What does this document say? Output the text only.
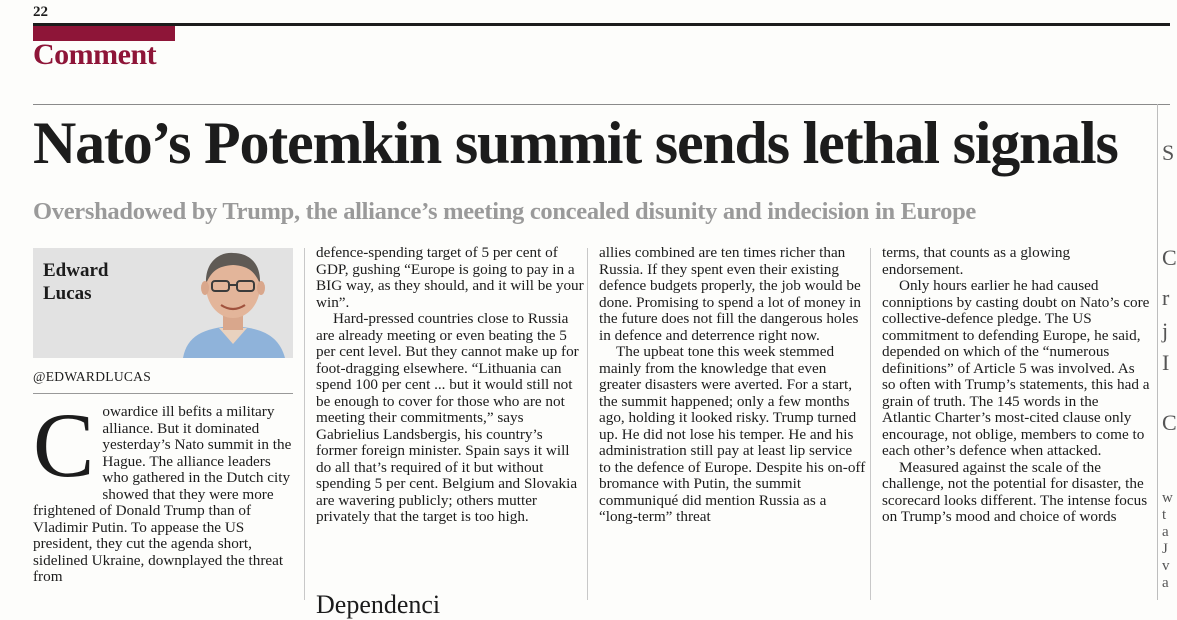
22
Comment
Nato’s Potemkin summit sends lethal signals

Overshadowed by Trump, the alliance’s meeting concealed disunity and indecision in Europe

Edward
Lucas
@EDWARDLUCAS
C owardice ill befits a military alliance. But it dominated yesterday’s Nato summit in the Hague. The alliance leaders who gathered in the Dutch city showed that they were more frightened of Donald Trump than of Vladimir Putin. To appease the US president, they cut the agenda short, sidelined Ukraine, downplayed the threat from

defence-spending target of 5 per cent of GDP, gushing “Europe is going to pay in a BIG way, as they should, and it will be your win”.

Hard-pressed countries close to Russia are already meeting or even beating the 5 per cent level. But they cannot make up for foot-dragging elsewhere. “Lithuania can spend 100 per cent ... but it would still not be enough to cover for those who are not meeting their commitments,” says Gabrielius Landsbergis, his country’s former foreign minister. Spain says it will do all that’s required of it but without spending 5 per cent. Belgium and Slovakia are wavering publicly; others mutter privately that the target is too high.

Dependenci

allies combined are ten times richer than Russia. If they spent even their existing defence budgets properly, the job would be done. Promising to spend a lot of money in the future does not fill the dangerous holes in defence and deterrence right now.

The upbeat tone this week stemmed mainly from the knowledge that even greater disasters were averted. For a start, the summit happened; only a few months ago, holding it looked risky. Trump turned up. He did not lose his temper. He and his administration still pay at least lip service to the defence of Europe. Despite his on-off bromance with Putin, the summit communiqué did mention Russia as a “long-term” threat

terms, that counts as a glowing endorsement.

Only hours earlier he had caused conniptions by casting doubt on Nato’s core collective-defence pledge. The US commitment to defending Europe, he said, depended on which of the “numerous definitions” of Article 5 was involved. As so often with Trump’s statements, this had a grain of truth. The 145 words in the Atlantic Charter’s most-cited clause only encourage, not oblige, members to come to each other’s defence when attacked.

Measured against the scale of the challenge, not the potential for disaster, the scorecard looks different. The intense focus on Trump’s mood and choice of words

S
C
r
j
I
C
w
t
a
J
v
a
